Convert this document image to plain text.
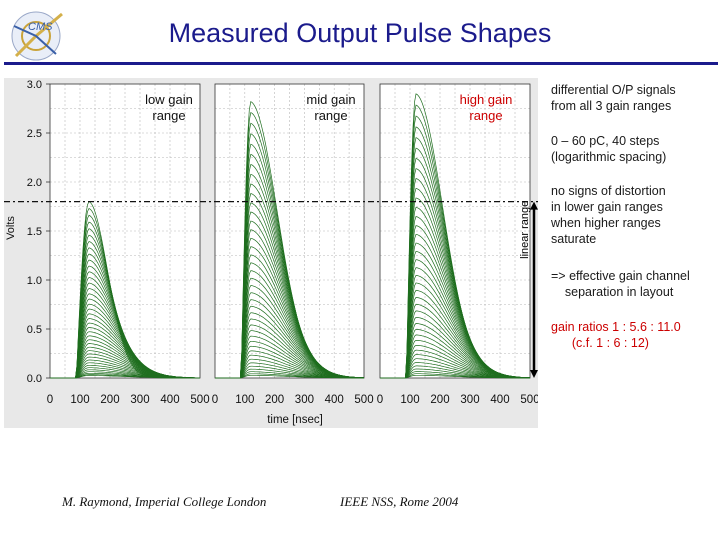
Measured Output Pulse Shapes
CMS
0.0
0.5
1.0
1.5
2.0
2.5
3.0
0 100 200 300 400 500 0 100 200 300 400 500 0 100 200 300 400 500
Volts
time [nsec]
low gain
range
mid gain
range
high gain
range
linear range
differential O/P signals
from all 3 gain ranges
0 – 60 pC, 40 steps
(logarithmic spacing)
no signs of distortion
in lower gain ranges
when higher ranges
saturate
=> effective gain channel
separation in layout
gain ratios 1 : 5.6 : 11.0
(c.f. 1 : 6 : 12)
M. Raymond, Imperial College London	IEEE NSS, Rome 2004
